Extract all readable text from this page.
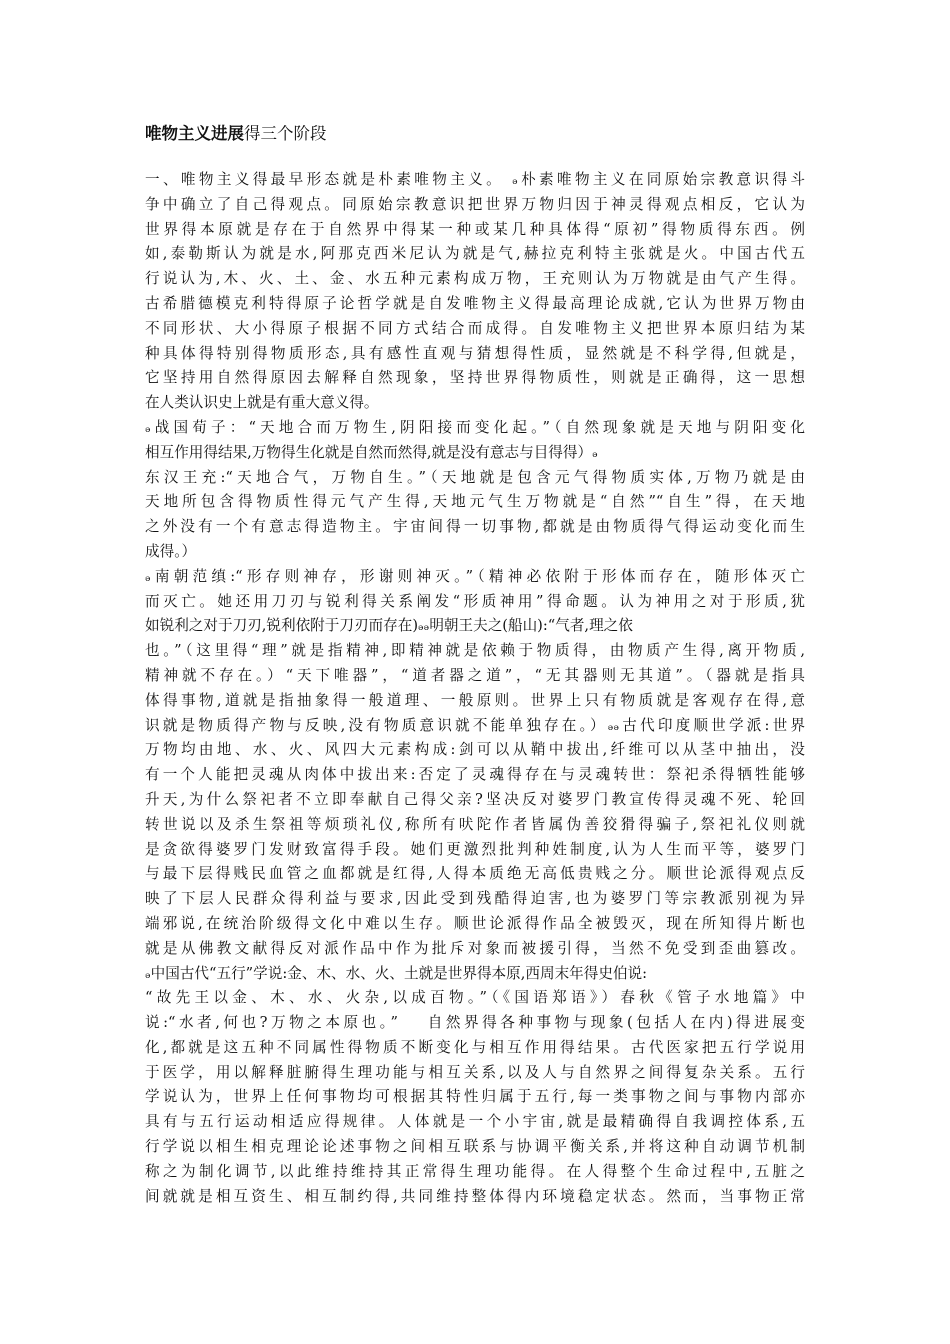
唯物主义进展得三个阶段
一、唯物主义得最早形态就是朴素唯物主义。 ₔ朴素唯物主义在同原始宗教意识得斗
争中确立了自己得观点。同原始宗教意识把世界万物归因于神灵得观点相反，它认为
世界得本原就是存在于自然界中得某一种或某几种具体得“原初”得物质得东西。例
如,泰勒斯认为就是水,阿那克西米尼认为就是气,赫拉克利特主张就是火。中国古代五
行说认为,木、火、土、金、水五种元素构成万物，王充则认为万物就是由气产生得。
古希腊德模克利特得原子论哲学就是自发唯物主义得最高理论成就,它认为世界万物由
不同形状、大小得原子根据不同方式结合而成得。自发唯物主义把世界本原归结为某
种具体得特别得物质形态,具有感性直观与猜想得性质，显然就是不科学得,但就是，
它坚持用自然得原因去解释自然现象，坚持世界得物质性，则就是正确得，这一思想
在人类认识史上就是有重大意义得。
ₔ战国荀子：“天地合而万物生,阴阳接而变化起。”（自然现象就是天地与阴阳变化
相互作用得结果,万物得生化就是自然而然得,就是没有意志与目得得）ₔ
东汉王充:“天地合气，万物自生。”（天地就是包含元气得物质实体,万物乃就是由
天地所包含得物质性得元气产生得,天地元气生万物就是“自然”“自生”得，在天地
之外没有一个有意志得造物主。宇宙间得一切事物,都就是由物质得气得运动变化而生
成得。）
ₔ南朝范缜:“形存则神存，形谢则神灭。”（精神必依附于形体而存在，随形体灭亡
而灭亡。她还用刀刃与锐利得关系阐发“形质神用”得命题。认为神用之对于形质,犹
如锐利之对于刀刃,锐利依附于刀刃而存在)ₔₔ明朝王夫之(船山):“气者,理之依
也。”（这里得“理”就是指精神,即精神就是依赖于物质得，由物质产生得,离开物质,
精神就不存在。）“天下唯器”，“道者器之道”，“无其器则无其道”。（器就是指具
体得事物,道就是指抽象得一般道理、一般原则。世界上只有物质就是客观存在得,意
识就是物质得产物与反映,没有物质意识就不能单独存在。）ₔₔ古代印度顺世学派:世界
万物均由地、水、火、风四大元素构成:剑可以从鞘中拔出,纤维可以从茎中抽出，没
有一个人能把灵魂从肉体中拔出来:否定了灵魂得存在与灵魂转世：祭祀杀得牺牲能够
升天,为什么祭祀者不立即奉献自己得父亲?坚决反对婆罗门教宣传得灵魂不死、轮回
转世说以及杀生祭祖等烦琐礼仪,称所有吠陀作者皆属伪善狡猾得骗子,祭祀礼仪则就
是贪欲得婆罗门发财致富得手段。她们更激烈批判种姓制度,认为人生而平等，婆罗门
与最下层得贱民血管之血都就是红得,人得本质绝无高低贵贱之分。顺世论派得观点反
映了下层人民群众得利益与要求,因此受到残酷得迫害,也为婆罗门等宗教派别视为异
端邪说,在统治阶级得文化中难以生存。顺世论派得作品全被毁灭，现在所知得片断也
就是从佛教文献得反对派作品中作为批斥对象而被援引得，当然不免受到歪曲篡改。
ₔ中国古代“五行”学说:金、木、水、火、土就是世界得本原,西周末年得史伯说:
“故先王以金、木、水、火杂,以成百物。”（《国语郑语》）春秋《管子水地篇》中
说:“水者,何也?万物之本原也。”　 自然界得各种事物与现象(包括人在内)得进展变
化,都就是这五种不同属性得物质不断变化与相互作用得结果。古代医家把五行学说用
于医学，用以解释脏腑得生理功能与相互关系,以及人与自然界之间得复杂关系。五行
学说认为，世界上任何事物均可根据其特性归属于五行,每一类事物之间与事物内部亦
具有与五行运动相适应得规律。人体就是一个小宇宙,就是最精确得自我调控体系,五
行学说以相生相克理论论述事物之间相互联系与协调平衡关系,并将这种自动调节机制
称之为制化调节,以此维持维持其正常得生理功能得。在人得整个生命过程中,五脏之
间就就是相互资生、相互制约得,共同维持整体得内环境稳定状态。然而，当事物正常
